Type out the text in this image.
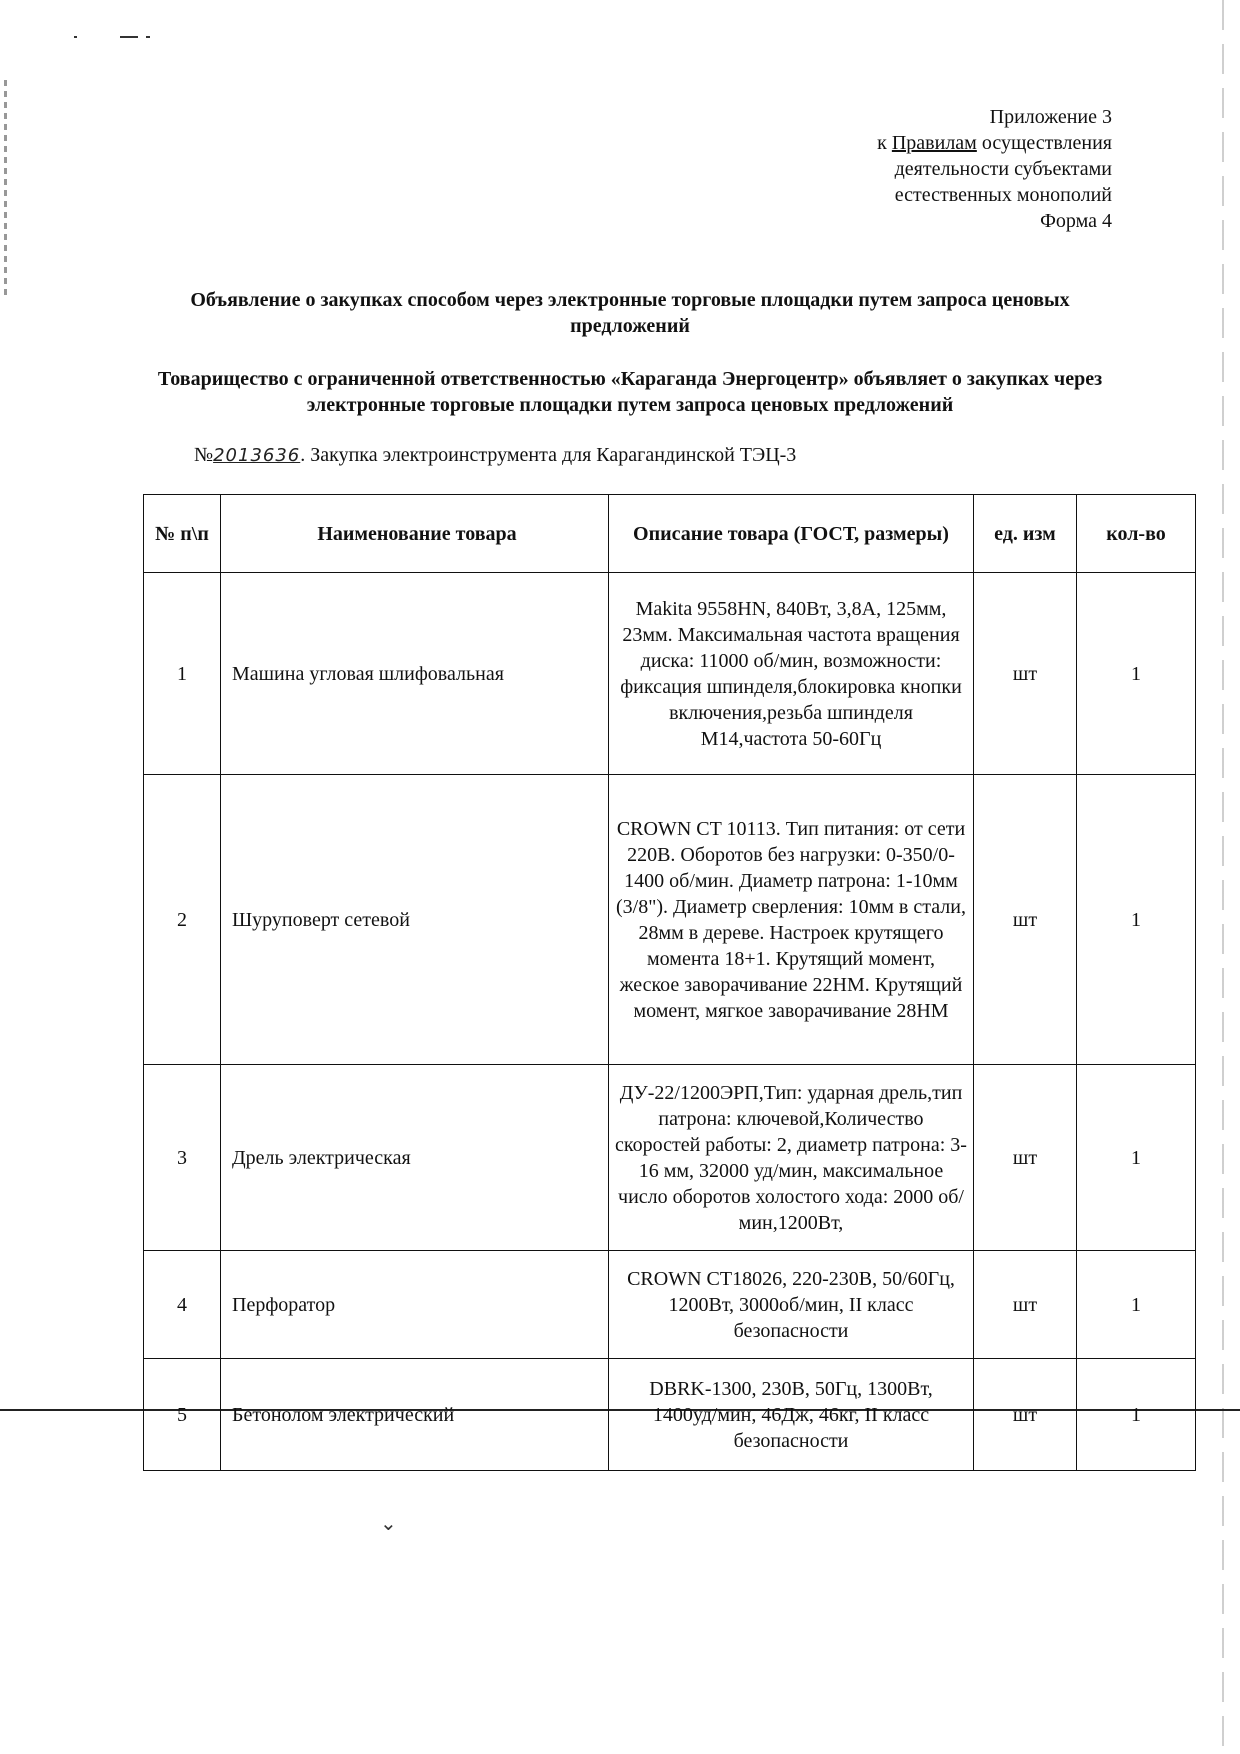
⌄
Приложение 3
к Правилам осуществления
деятельности субъектами
естественных монополий
Форма 4
Объявление о закупках способом через электронные торговые площадки путем запроса ценовых предложений
Товарищество с ограниченной ответственностью «Караганда Энергоцентр» объявляет о закупках через электронные торговые площадки путем запроса ценовых предложений
№2013636. Закупка электроинструмента для Карагандинской ТЭЦ-3
№ п\п	Наименование товара	Описание товара (ГОСТ, размеры)	ед. изм	кол-во
1	Машина угловая шлифовальная	Makita 9558HN, 840Вт, 3,8А, 125мм, 23мм. Максимальная частота вращения диска: 11000 об/мин, возможности: фиксация шпинделя,блокировка кнопки включения,резьба шпинделя М14,частота 50-60Гц	шт	1
2	Шуруповерт сетевой	CROWN CT 10113. Тип питания: от сети 220В. Оборотов без нагрузки: 0-350/0-1400 об/мин. Диаметр патрона: 1-10мм (3/8"). Диаметр сверления: 10мм в стали, 28мм в дереве. Настроек крутящего момента 18+1. Крутящий момент, жеское заворачивание 22НМ. Крутящий момент, мягкое заворачивание 28НМ	шт	1
3	Дрель электрическая	ДУ-22/1200ЭРП,Тип: ударная дрель,тип патрона: ключевой,Количество скоростей работы: 2, диаметр патрона: 3-16 мм, 32000 уд/мин, максимальное число оборотов холостого хода: 2000 об/мин,1200Вт,	шт	1
4	Перфоратор	CROWN CT18026, 220-230В, 50/60Гц, 1200Вт, 3000об/мин, II класс безопасности	шт	1
5	Бетонолом электрический	DBRK-1300, 230В, 50Гц, 1300Вт, 1400уд/мин, 46Дж, 46кг, II класс безопасности	шт	1
